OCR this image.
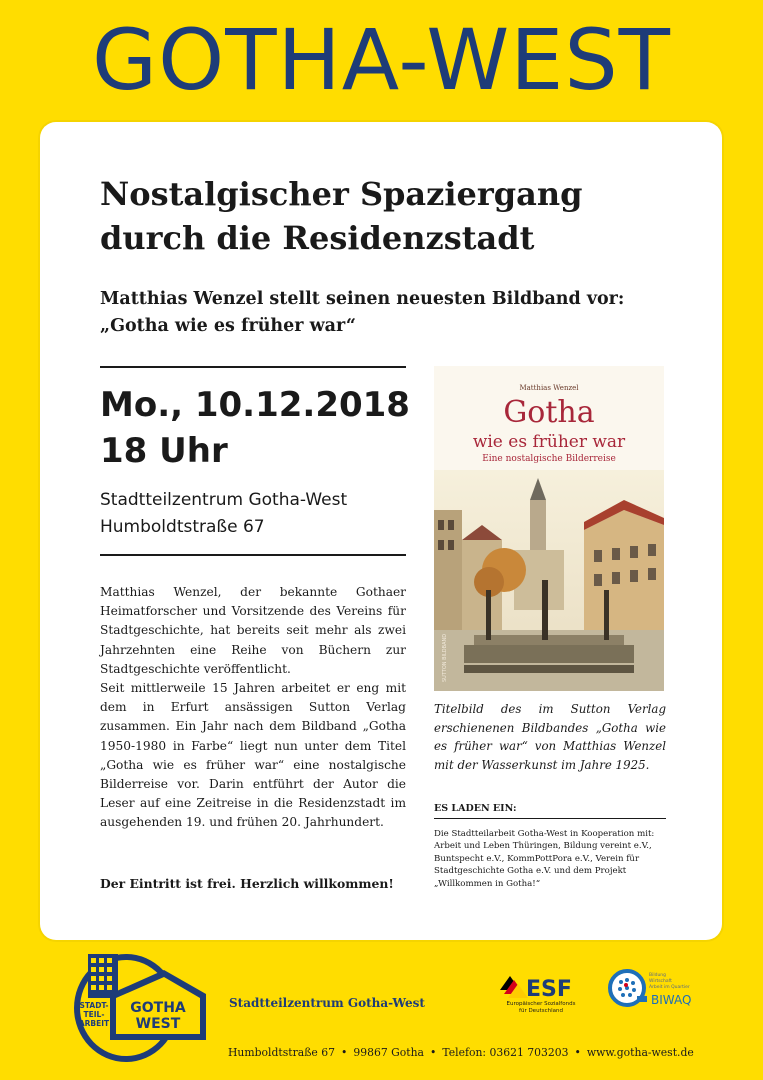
GOTHA-WEST
Nostalgischer Spaziergang
durch die Residenzstadt
Matthias Wenzel stellt seinen neuesten Bildband vor:
„Gotha wie es früher war“
Mo., 10.12.2018
18 Uhr
Stadtteilzentrum Gotha-West
Humboldtstraße 67

Matthias Wenzel, der bekannte Gothaer Heimatforscher und Vorsitzende des Vereins für Stadtgeschichte, hat bereits seit mehr als zwei Jahrzehnten eine Reihe von Büchern zur Stadtgeschichte veröffentlicht.

Seit mittlerweile 15 Jahren arbeitet er eng mit dem in Erfurt ansässigen Sutton Verlag zusammen. Ein Jahr nach dem Bildband „Gotha 1950-1980 in Farbe“ liegt nun unter dem Titel „Gotha wie es früher war“ eine nostalgische Bilderreise vor. Darin entführt der Autor die Leser auf eine Zeitreise in die Residenzstadt im ausgehenden 19. und frühen 20. Jahrhundert.

Der Eintritt ist frei. Herzlich willkommen!
Matthias Wenzel
Gotha
wie es früher war
Eine nostalgische Bilderreise
SUTTON BILDBAND
Titelbild des im Sutton Verlag erschienenen Bildbandes „Gotha wie es früher war“ von Matthias Wenzel mit der Wasserkunst im Jahre 1925.
ES LADEN EIN:
Die Stadtteilarbeit Gotha-West in Kooperation mit: Arbeit und Leben Thüringen, Bildung verеint e.V., Buntspecht e.V., KommPottPora e.V., Verein für Stadtgeschichte Gotha e.V. und dem Projekt „Willkommen in Gotha!“
GOTHA
WEST
STADT-
TEIL-
ARBEIT
Stadtteilzentrum Gotha-West
ESF
Europäischer Sozialfonds
für Deutschland
Bildung
Wirtschaft
Arbeit im Quartier
BIWAQ
Humboldtstraße 67 • 99867 Gotha • Telefon: 03621 703203 • www.gotha-west.de
